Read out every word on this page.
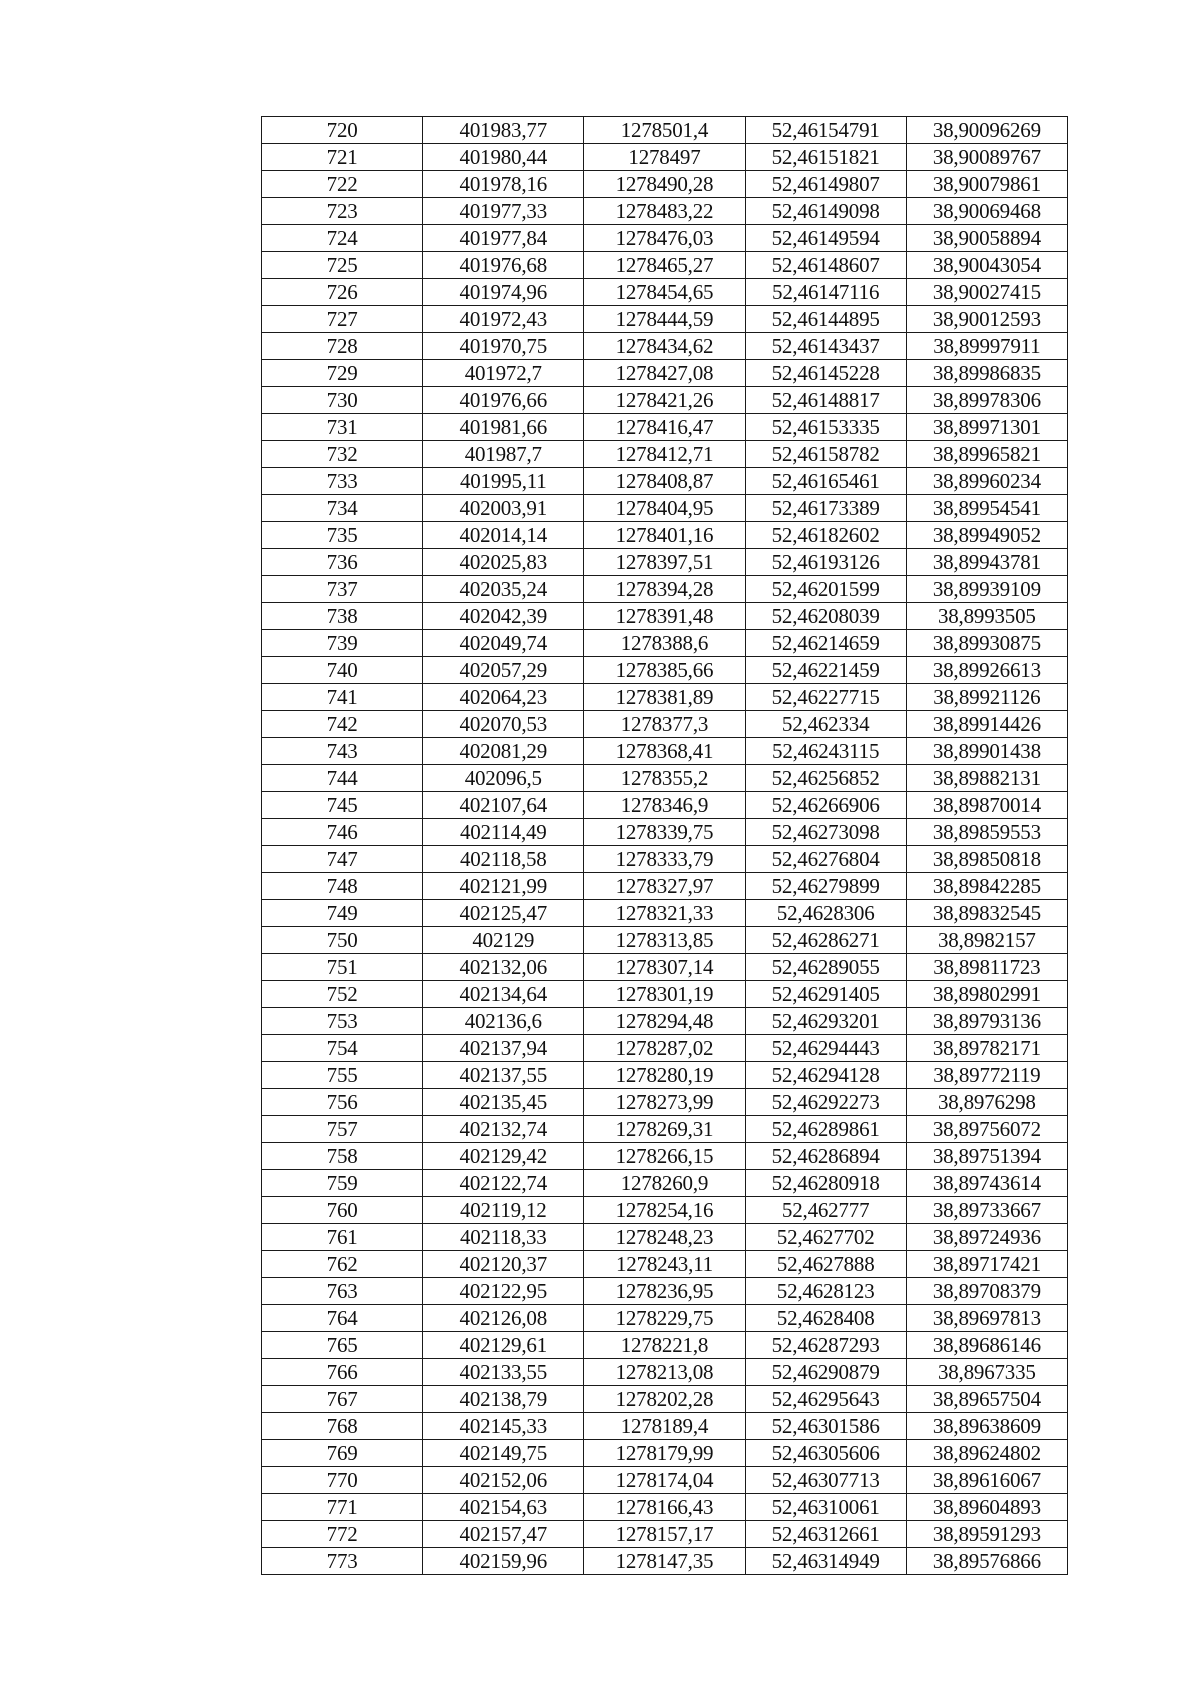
720	401983,77	1278501,4	52,46154791	38,90096269
721	401980,44	1278497	52,46151821	38,90089767
722	401978,16	1278490,28	52,46149807	38,90079861
723	401977,33	1278483,22	52,46149098	38,90069468
724	401977,84	1278476,03	52,46149594	38,90058894
725	401976,68	1278465,27	52,46148607	38,90043054
726	401974,96	1278454,65	52,46147116	38,90027415
727	401972,43	1278444,59	52,46144895	38,90012593
728	401970,75	1278434,62	52,46143437	38,89997911
729	401972,7	1278427,08	52,46145228	38,89986835
730	401976,66	1278421,26	52,46148817	38,89978306
731	401981,66	1278416,47	52,46153335	38,89971301
732	401987,7	1278412,71	52,46158782	38,89965821
733	401995,11	1278408,87	52,46165461	38,89960234
734	402003,91	1278404,95	52,46173389	38,89954541
735	402014,14	1278401,16	52,46182602	38,89949052
736	402025,83	1278397,51	52,46193126	38,89943781
737	402035,24	1278394,28	52,46201599	38,89939109
738	402042,39	1278391,48	52,46208039	38,8993505
739	402049,74	1278388,6	52,46214659	38,89930875
740	402057,29	1278385,66	52,46221459	38,89926613
741	402064,23	1278381,89	52,46227715	38,89921126
742	402070,53	1278377,3	52,462334	38,89914426
743	402081,29	1278368,41	52,46243115	38,89901438
744	402096,5	1278355,2	52,46256852	38,89882131
745	402107,64	1278346,9	52,46266906	38,89870014
746	402114,49	1278339,75	52,46273098	38,89859553
747	402118,58	1278333,79	52,46276804	38,89850818
748	402121,99	1278327,97	52,46279899	38,89842285
749	402125,47	1278321,33	52,4628306	38,89832545
750	402129	1278313,85	52,46286271	38,8982157
751	402132,06	1278307,14	52,46289055	38,89811723
752	402134,64	1278301,19	52,46291405	38,89802991
753	402136,6	1278294,48	52,46293201	38,89793136
754	402137,94	1278287,02	52,46294443	38,89782171
755	402137,55	1278280,19	52,46294128	38,89772119
756	402135,45	1278273,99	52,46292273	38,8976298
757	402132,74	1278269,31	52,46289861	38,89756072
758	402129,42	1278266,15	52,46286894	38,89751394
759	402122,74	1278260,9	52,46280918	38,89743614
760	402119,12	1278254,16	52,462777	38,89733667
761	402118,33	1278248,23	52,4627702	38,89724936
762	402120,37	1278243,11	52,4627888	38,89717421
763	402122,95	1278236,95	52,4628123	38,89708379
764	402126,08	1278229,75	52,4628408	38,89697813
765	402129,61	1278221,8	52,46287293	38,89686146
766	402133,55	1278213,08	52,46290879	38,8967335
767	402138,79	1278202,28	52,46295643	38,89657504
768	402145,33	1278189,4	52,46301586	38,89638609
769	402149,75	1278179,99	52,46305606	38,89624802
770	402152,06	1278174,04	52,46307713	38,89616067
771	402154,63	1278166,43	52,46310061	38,89604893
772	402157,47	1278157,17	52,46312661	38,89591293
773	402159,96	1278147,35	52,46314949	38,89576866
